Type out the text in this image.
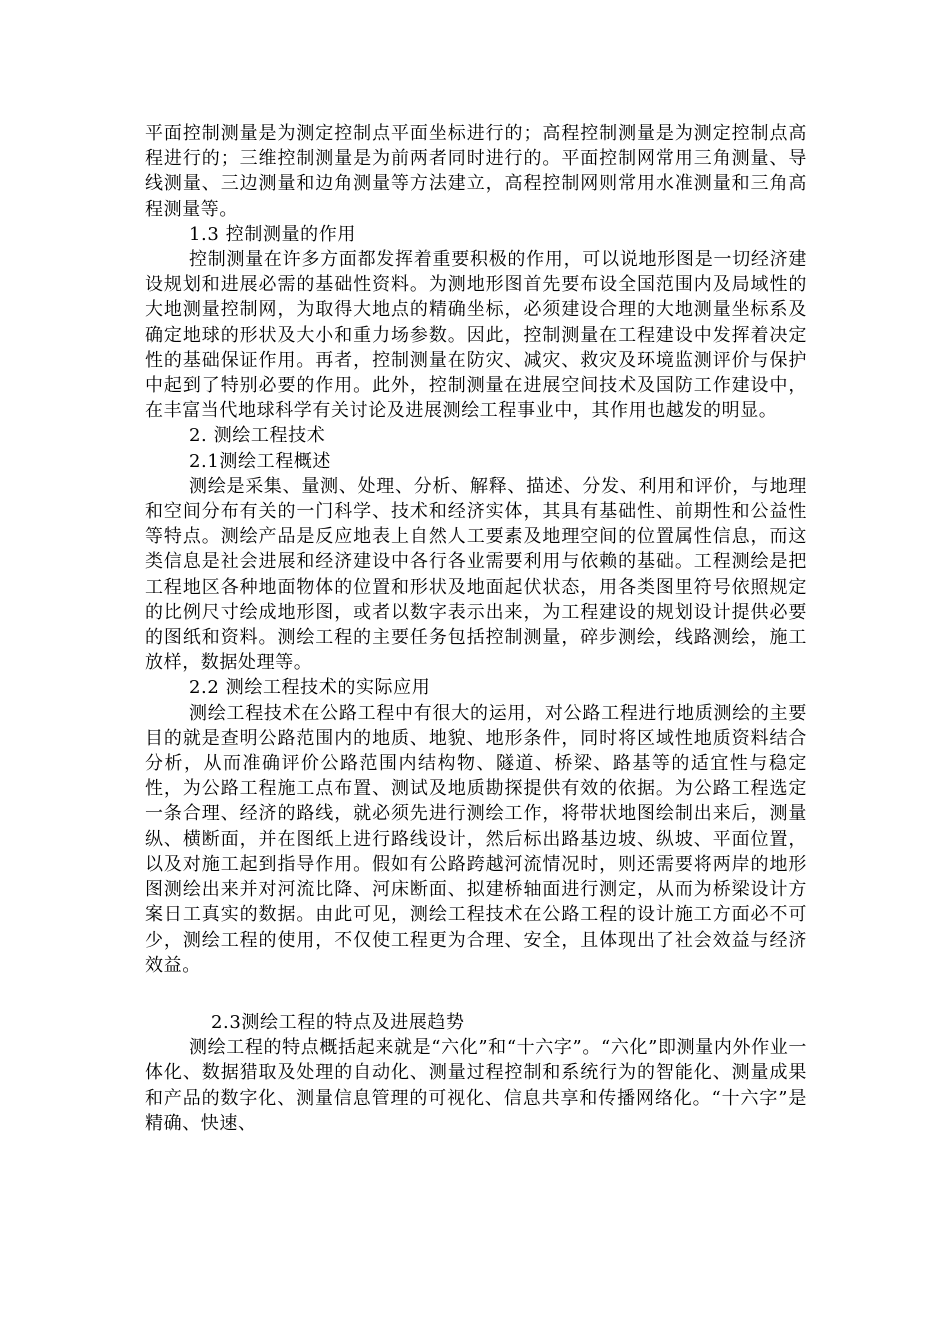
平面控制测量是为测定控制点平面坐标进行的；高程控制测量是为测定控制点高程进行的；三维控制测量是为前两者同时进行的。平面控制网常用三角测量、导线测量、三边测量和边角测量等方法建立，高程控制网则常用水准测量和三角高程测量等。

1.3 控制测量的作用

控制测量在许多方面都发挥着重要积极的作用，可以说地形图是一切经济建设规划和进展必需的基础性资料。为测地形图首先要布设全国范围内及局域性的大地测量控制网，为取得大地点的精确坐标，必须建设合理的大地测量坐标系及确定地球的形状及大小和重力场参数。因此，控制测量在工程建设中发挥着决定性的基础保证作用。再者，控制测量在防灾、减灾、救灾及环境监测评价与保护中起到了特别必要的作用。此外，控制测量在进展空间技术及国防工作建设中，在丰富当代地球科学有关讨论及进展测绘工程事业中，其作用也越发的明显。

2. 测绘工程技术
2.1测绘工程概述

测绘是采集、量测、处理、分析、解释、描述、分发、利用和评价，与地理和空间分布有关的一门科学、技术和经济实体，其具有基础性、前期性和公益性等特点。测绘产品是反应地表上自然人工要素及地理空间的位置属性信息，而这类信息是社会进展和经济建设中各行各业需要利用与依赖的基础。工程测绘是把工程地区各种地面物体的位置和形状及地面起伏状态，用各类图里符号依照规定的比例尺寸绘成地形图，或者以数字表示出来，为工程建设的规划设计提供必要的图纸和资料。测绘工程的主要任务包括控制测量，碎步测绘，线路测绘，施工放样，数据处理等。

2.2 测绘工程技术的实际应用

测绘工程技术在公路工程中有很大的运用，对公路工程进行地质测绘的主要目的就是查明公路范围内的地质、地貌、地形条件，同时将区域性地质资料结合分析，从而准确评价公路范围内结构物、隧道、桥梁、路基等的适宜性与稳定性，为公路工程施工点布置、测试及地质勘探提供有效的依据。为公路工程选定一条合理、经济的路线，就必须先进行测绘工作，将带状地图绘制出来后，测量纵、横断面，并在图纸上进行路线设计，然后标出路基边坡、纵坡、平面位置，以及对施工起到指导作用。假如有公路跨越河流情况时，则还需要将两岸的地形图测绘出来并对河流比降、河床断面、拟建桥轴面进行测定，从而为桥梁设计方案日工真实的数据。由此可见，测绘工程技术在公路工程的设计施工方面必不可少，测绘工程的使用，不仅使工程更为合理、安全，且体现出了社会效益与经济效益。

2.3测绘工程的特点及进展趋势

测绘工程的特点概括起来就是“六化”和“十六字”。“六化”即测量内外作业一体化、数据猎取及处理的自动化、测量过程控制和系统行为的智能化、测量成果和产品的数字化、测量信息管理的可视化、信息共享和传播网络化。“十六字”是精确、快速、
